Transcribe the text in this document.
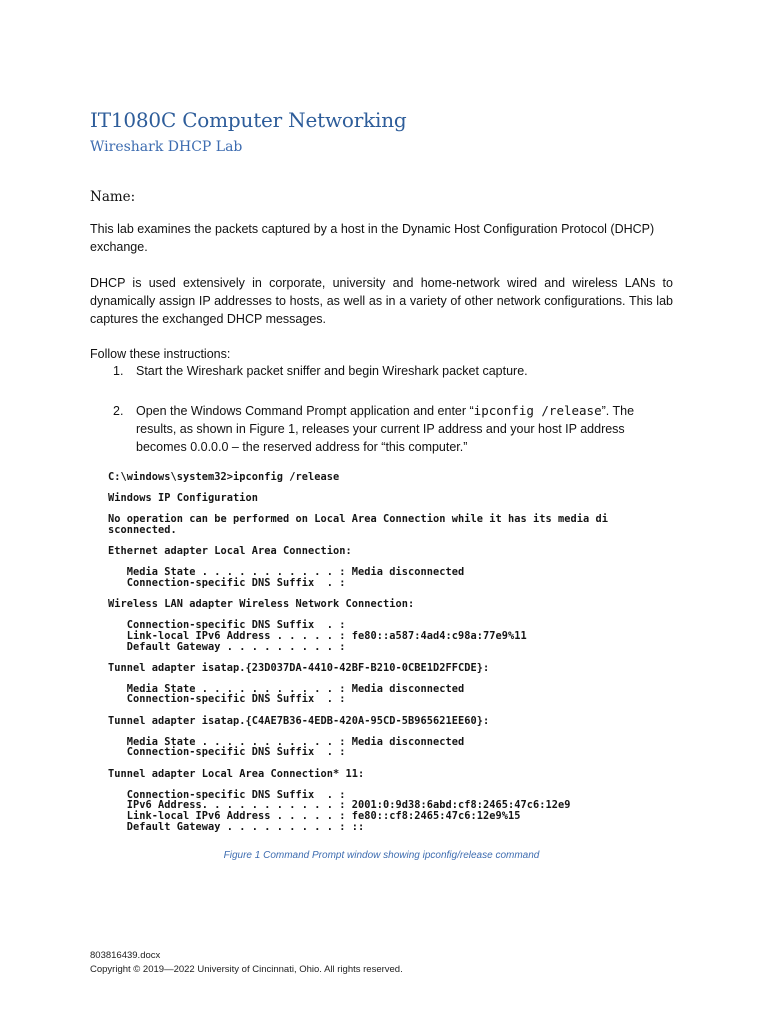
IT1080C Computer Networking
Wireshark DHCP Lab
Name:
This lab examines the packets captured by a host in the Dynamic Host Configuration Protocol (DHCP) exchange.
DHCP is used extensively in corporate, university and home-network wired and wireless LANs to dynamically assign IP addresses to hosts, as well as in a variety of other network configurations. This lab captures the exchanged DHCP messages.
Follow these instructions:
1. Start the Wireshark packet sniffer and begin Wireshark packet capture.
2. Open the Windows Command Prompt application and enter “ipconfig /release”. The results, as shown in Figure 1, releases your current IP address and your host IP address becomes 0.0.0.0 – the reserved address for “this computer.”
C:\windows\system32>ipconfig /release

Windows IP Configuration

No operation can be performed on Local Area Connection while it has its media di
sconnected.

Ethernet adapter Local Area Connection:

Media State . . . . . . . . . . . : Media disconnected
Connection-specific DNS Suffix  . :

Wireless LAN adapter Wireless Network Connection:

Connection-specific DNS Suffix  . :
Link-local IPv6 Address . . . . . : fe80::a587:4ad4:c98a:77e9%11
Default Gateway . . . . . . . . . :

Tunnel adapter isatap.{23D037DA-4410-42BF-B210-0CBE1D2FFCDE}:

Media State . . . . . . . . . . . : Media disconnected
Connection-specific DNS Suffix  . :

Tunnel adapter isatap.{C4AE7B36-4EDB-420A-95CD-5B965621EE60}:

Media State . . . . . . . . . . . : Media disconnected
Connection-specific DNS Suffix  . :

Tunnel adapter Local Area Connection* 11:

Connection-specific DNS Suffix  . :
IPv6 Address. . . . . . . . . . . : 2001:0:9d38:6abd:cf8:2465:47c6:12e9
Link-local IPv6 Address . . . . . : fe80::cf8:2465:47c6:12e9%15
Default Gateway . . . . . . . . . : ::
Figure 1 Command Prompt window showing ipconfig/release command
803816439.docx
Copyright © 2019—2022 University of Cincinnati, Ohio. All rights reserved.
